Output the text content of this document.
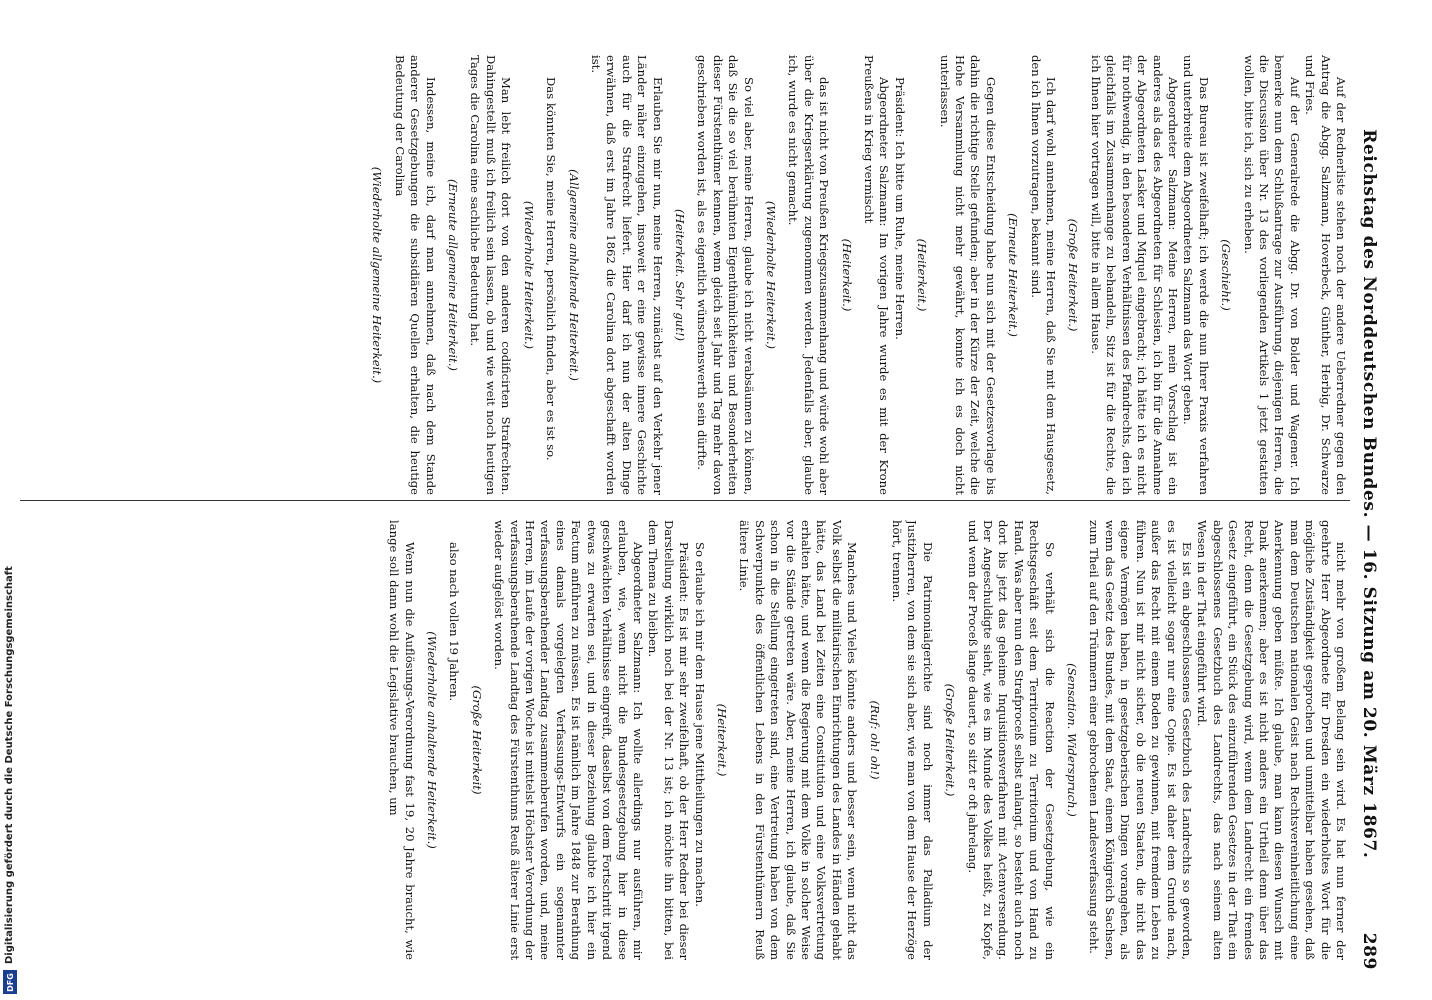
Reichstag des Norddeutschen Bundes. — 16. Sitzung am 20. März 1867.
289

Auf der Rednerliste stehen noch der andere Ueberredner gegen den Antrag die Abgg. Salzmann, Hoverbeck, Günther, Herbig, Dr. Schwarze und Fries.

Auf der Generalrede die Abgg. Dr. von Bolder und Wagener. Ich bemerke nun dem Schlußantrage zur Ausführung, diejenigen Herren, die die Discussion über Nr. 13 des vorliegenden Artikels 1 jetzt gestatten wollen, bitte ich, sich zu erheben.

(Geschieht.)

Das Bureau ist zweifelhaft; ich werde die nun Ihrer Praxis verfahren und unterbreite dem Abgeordneten Salzmann das Wort geben.

Abgeordneter Salzmann: Meine Herren, mein Vorschlag ist ein anderes als das des Abgeordneten für Schlesien, ich bin für die Annahme der Abgeordneten Lasker und Miquel eingebracht; ich hätte ich es nicht für nothwendig, in den besonderen Verhältnissen des Pfandrechts, den ich gleichfalls im Zusammenhange zu behandeln, Sitz ist für die Rechte, die ich Ihnen hier vortragen will, bitte in allem Hause.

(Große Heiterkeit.)

Ich darf wohl annehmen, meine Herren, daß Sie mit dem Hausgesetz, den ich Ihnen vorzutragen, bekannt sind.

(Erneute Heiterkeit.)

Gegen diese Entscheidung habe nun sich mit der Gesetzesvorlage bis dahin die richtige Stelle gefunden; aber in der Kürze der Zeit, welche die Hohe Versammlung nicht mehr gewährt, konnte ich es doch nicht unterlassen.

(Heiterkeit.)

Präsident: Ich bitte um Ruhe, meine Herren.

Abgeordneter Salzmann: Im vorigen Jahre wurde es mit der Krone Preußens in Krieg vermischt

(Heiterkeit.)

das ist nicht von Preußen Kriegszusammenhang und würde wohl aber über die Kriegserklärung zugenommen werden. Jedenfalls aber, glaube ich, wurde es nicht gemacht.

(Wiederholte Heiterkeit.)

So viel aber, meine Herren, glaube ich nicht verabsäumen zu können, daß Sie die so viel berühmten Eigenthümlichkeiten und Besonderheiten dieser Fürstenthümer kennen, wenn gleich seit Jahr und Tag mehr davon geschrieben worden ist, als es eigentlich wünschenswerth sein dürfte.

(Heiterkeit. Sehr gut!)

Erlauben Sie mir nun, meine Herren, zunächst auf den Verkehr jener Länder näher einzugehen, insoweit er eine gewisse innere Geschichte auch für die Strafrecht liefert. Hier darf ich nun der alten Dinge erwähnen, daß erst im Jahre 1862 die Carolina dort abgeschafft worden ist.

(Allgemeine anhaltende Heiterkeit.)

Das könnten Sie, meine Herren, persönlich finden, aber es ist so.

(Wiederholte Heiterkeit.)

Man lebt freilich dort von den anderen codificirten Strafrechten. Dahingestellt muß ich freilich sein lassen, ob und wie weit noch heutigen Tages die Carolina eine sachliche Bedeutung hat.

(Erneute allgemeine Heiterkeit.)

Indessen, meine ich, darf man annehmen, daß nach dem Stande anderer Gesetzgebungen die subsidiären Quellen erhalten, die heutige Bedeutung der Carolina

(Wiederholte allgemeine Heiterkeit.)

nicht mehr von großem Belang sein wird. Es hat nun ferner der geehrte Herr Abgeordnete für Dresden ein wiederholtes Wort für die mögliche Zuständigkeit gesprochen und unmittelbar haben gesehen, daß man dem Deutschen nationalen Geist nach Rechtsvereinheitlichung eine Anerkennung geben müßte. Ich glaube, man kann diesen Wunsch mit Dank anerkennen; aber es ist nicht anders ein Urtheil denn über das Recht, denn die Gesetzgebung wird, wenn dem Landrecht ein fremdes Gesetz eingeführt, ein Stück des einzuführenden Gesetzes in der That ein abgeschlossenes Gesetzbuch des Landrechts, das nach seinem alten Wesen in der That eingeführt wird.

Es ist ein abgeschlossenes Gesetzbuch des Landrechts so geworden, es ist vielleicht sogar nur eine Copie. Es ist daher dem Grunde nach, außer das Recht mit einem Boden zu gewinnen, mit fremdem Leben zu führen. Nun ist mir nicht sicher, ob die neuen Staaten, die nicht das eigene Vermögen haben, in gesetzgeberischen Dingen vorangehen, als wenn das Gesetz des Bundes, mit dem Staat, einem Königreich Sachsen, zum Theil auf den Trümmern einer gebrochenen Landesverfassung steht.

(Sensation. Widerspruch.)

So verhält sich die Reaction der Gesetzgebung, wie ein Rechtsgeschäft seit dem Territorium zu Territorium und von Hand zu Hand. Was aber nun den Strafproceß selbst anlangt, so besteht auch noch dort bis jetzt das geheime Inquisitionsverfahren mit Actenversendung. Der Angeschuldigte sieht, wie es im Munde des Volkes heißt, zu Kopfe, und wenn der Proceß lange dauert, so sitzt er oft jahrelang.

(Große Heiterkeit.)

Die Patrimonialgerichte sind noch immer das Palladium der Justizherren, von dem sie sich aber, wie man von dem Hause der Herzöge hört, trennen.

(Ruf: oh! oh!)

Manches und Vieles könnte anders und besser sein, wenn nicht das Volk selbst die militairischen Einrichtungen des Landes in Händen gehabt hätte, das Land bei Zeiten eine Constitution und eine Volksvertretung erhalten hätte, und wenn die Regierung mit dem Volke in solcher Weise vor die Stände getreten wäre. Aber, meine Herren, ich glaube, daß Sie schon in die Stellung eingetreten sind, eine Vertretung haben von dem Schwerpunkte des öffentlichen Lebens in den Fürstenthümern Reuß ältere Linie.

(Heiterkeit.)

So erlaube ich mir dem Hause jene Mittheilungen zu machen.

Präsident: Es ist mir sehr zweifelhaft, ob der Herr Redner bei dieser Darstellung wirklich noch bei der Nr. 13 ist; ich möchte ihn bitten, bei dem Thema zu bleiben.

Abgeordneter Salzmann: Ich wollte allerdings nur ausführen, mir erlauben, wie, wenn nicht die Bundesgesetzgebung hier in diese geschwächten Verhältnisse eingreift, daselbst von dem Fortschritt irgend etwas zu erwarten sei, und in dieser Beziehung glaubte ich hier ein Factum anführen zu müssen. Es ist nämlich im Jahre 1848 zur Berathung eines damals vorgelegten Verfassungs-Entwurfs ein sogenannter verfassungsberathender Landtag zusammenberufen worden, und, meine Herren, im Laufe der vorigen Woche ist mittelst Höchster Verordnung der verfassungsberathende Landtag des Fürstenthums Reuß älterer Linie erst wieder aufgelöst worden.

(Große Heiterkeit)

also nach vollen 19 Jahren.

(Wiederholte anhaltende Heiterkeit.)

Wenn nun die Auflösungs-Verordnung fast 19, 20 Jahre braucht, wie lange soll dann wohl die Legislative brauchen, um

Digitalisierung gefördert durch die Deutsche Forschungsgemeinschaft
DFG
